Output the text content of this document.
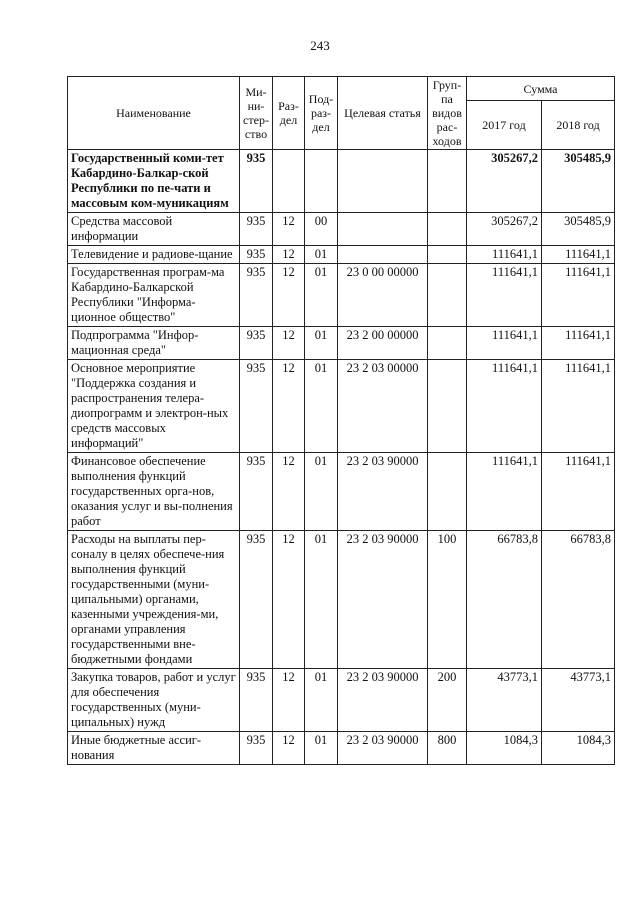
243
Наименование	Ми-ни-стер-ство	Раз-дел	Под-раз-дел	Целевая статья	Груп-па видов рас-ходов	Сумма	
						2017 год	2018 год
Государственный коми-тет Кабардино-Балкар-ской Республики по пе-чати и массовым ком-муникациям	935					305267,2	305485,9
Средства массовой информации	935	12	00			305267,2	305485,9
Телевидение и радиове-щание	935	12	01			111641,1	111641,1
Государственная програм-ма Кабардино-Балкарской Республики "Информа-ционное общество"	935	12	01	23 0 00 00000		111641,1	111641,1
Подпрограмма "Инфор-мационная среда"	935	12	01	23 2 00 00000		111641,1	111641,1
Основное мероприятие "Поддержка создания и распространения телера-диопрограмм и электрон-ных средств массовых информаций"	935	12	01	23 2 03 00000		111641,1	111641,1
Финансовое обеспечение выполнения функций государственных орга-нов, оказания услуг и вы-полнения работ	935	12	01	23 2 03 90000		111641,1	111641,1
Расходы на выплаты пер-соналу в целях обеспече-ния выполнения функций государственными (муни-ципальными) органами, казенными учреждения-ми, органами управления государственными вне-бюджетными фондами	935	12	01	23 2 03 90000	100	66783,8	66783,8
Закупка товаров, работ и услуг для обеспечения государственных (муни-ципальных) нужд	935	12	01	23 2 03 90000	200	43773,1	43773,1
Иные бюджетные ассиг-нования	935	12	01	23 2 03 90000	800	1084,3	1084,3
